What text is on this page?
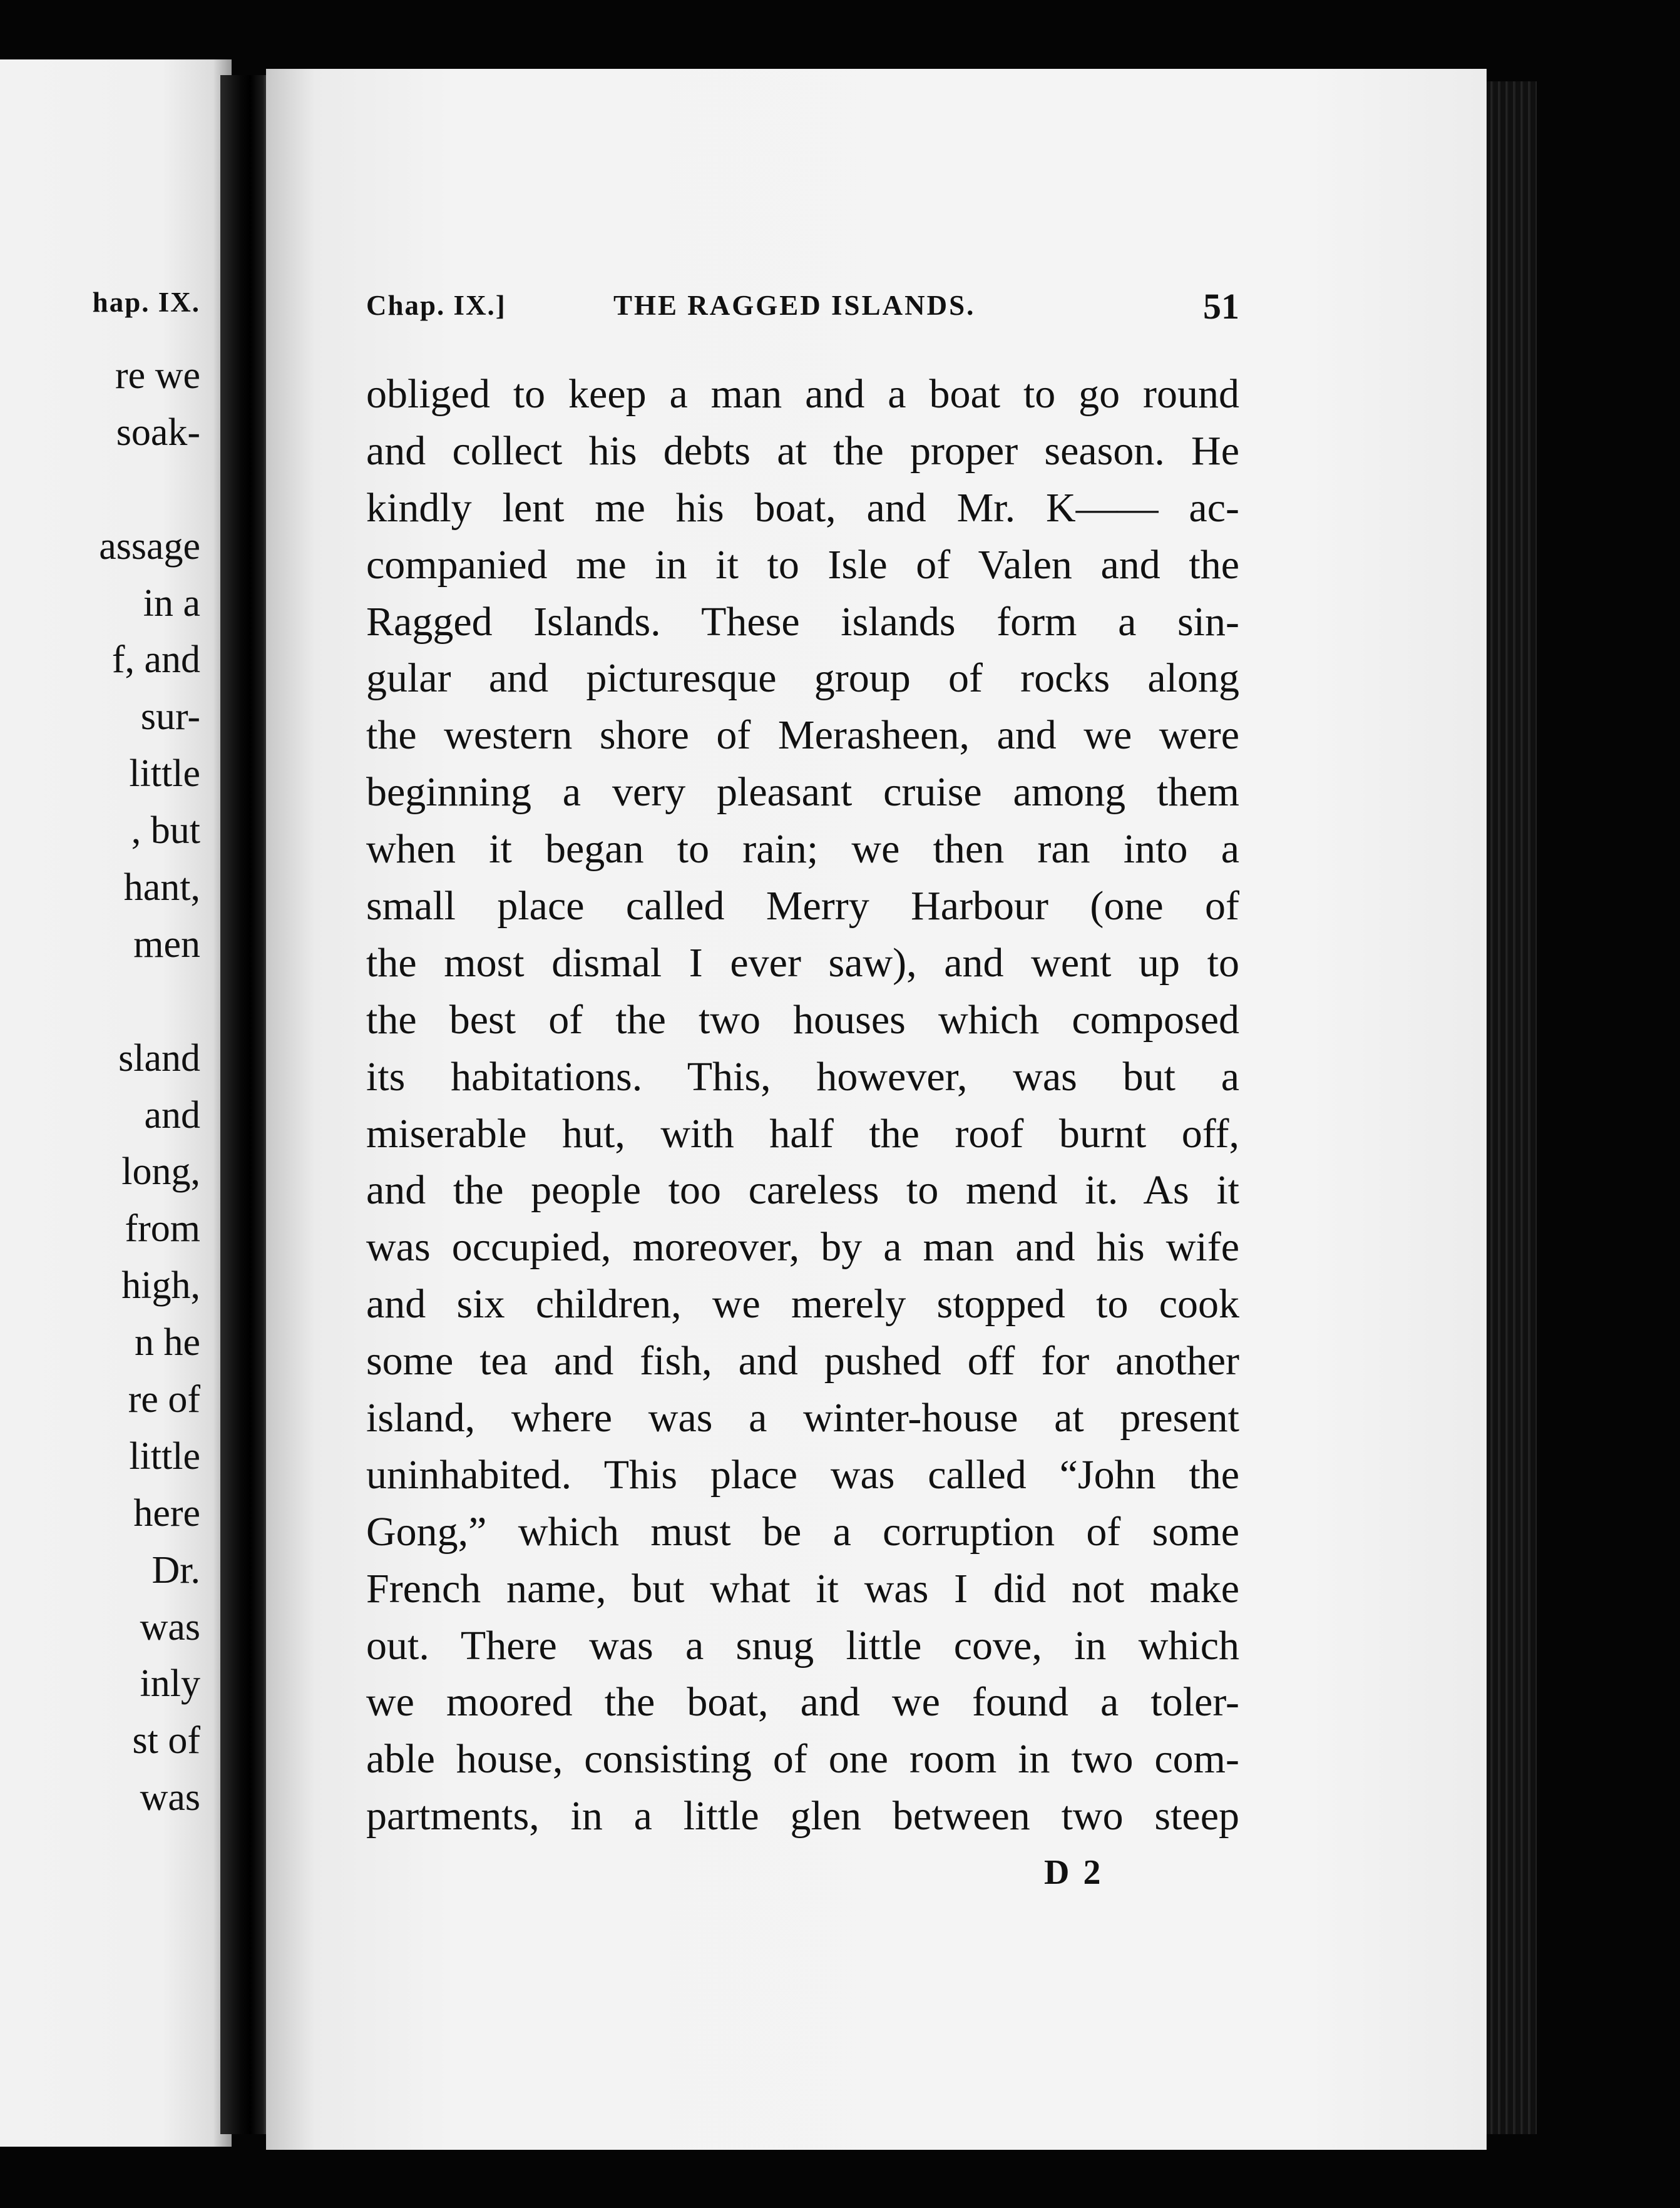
hap. IX.
re we
soak-
assage
in a
f, and
sur-
little
, but
hant,
men
sland
and
long,
from
high,
n he
re of
little
here
Dr.
was
inly
st of
was
Chap. IX.]	THE RAGGED ISLANDS.	51
obliged to keep a man and a boat to go round
and collect his debts at the proper season. He
kindly lent me his boat, and Mr. K—— ac-
companied me in it to Isle of Valen and the
Ragged Islands. These islands form a sin-
gular and picturesque group of rocks along
the western shore of Merasheen, and we were
beginning a very pleasant cruise among them
when it began to rain; we then ran into a
small place called Merry Harbour (one of
the most dismal I ever saw), and went up to
the best of the two houses which composed
its habitations. This, however, was but a
miserable hut, with half the roof burnt off,
and the people too careless to mend it. As it
was occupied, moreover, by a man and his wife
and six children, we merely stopped to cook
some tea and fish, and pushed off for another
island, where was a winter-house at present
uninhabited. This place was called “John the
Gong,” which must be a corruption of some
French name, but what it was I did not make
out. There was a snug little cove, in which
we moored the boat, and we found a toler-
able house, consisting of one room in two com-
partments, in a little glen between two steep
D 2
